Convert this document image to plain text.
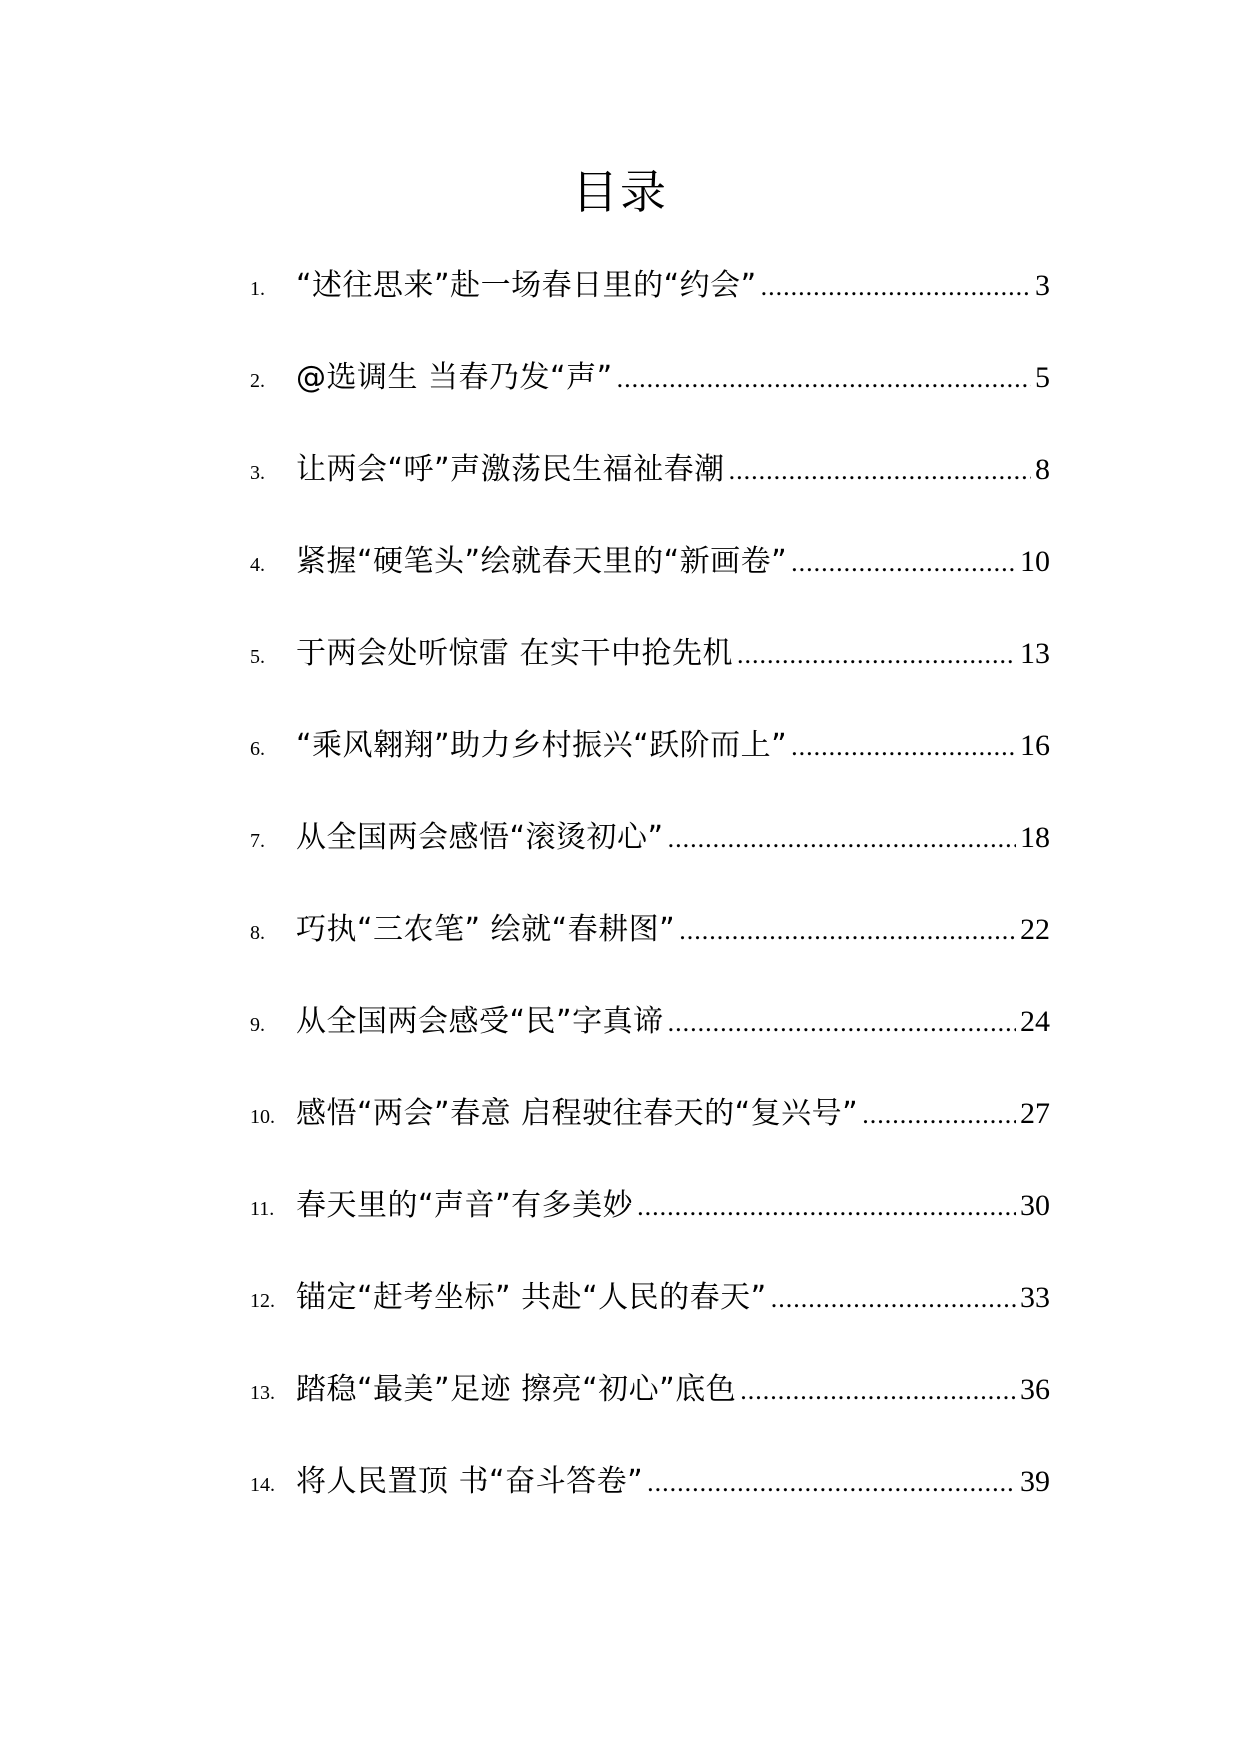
目录
1.	“述往思来”赴一场春日里的“约会” .....	3
2.	@选调生 当春乃发“声” .....	5
3.	让两会“呼”声激荡民生福祉春潮 .....	8
4.	紧握“硬笔头”绘就春天里的“新画卷” .....	10
5.	于两会处听惊雷 在实干中抢先机 .....	13
6.	“乘风翱翔”助力乡村振兴“跃阶而上” .....	16
7.	从全国两会感悟“滚烫初心” .....	18
8.	巧执“三农笔” 绘就“春耕图” .....	22
9.	从全国两会感受“民”字真谛 .....	24
10. 感悟“两会”春意 启程驶往春天的“复兴号” .....	27
11. 春天里的“声音”有多美妙 .....	30
12. 锚定“赶考坐标” 共赴“人民的春天” .....	33
13. 踏稳“最美”足迹 擦亮“初心”底色 .....	36
14. 将人民置顶 书“奋斗答卷” .....	39
